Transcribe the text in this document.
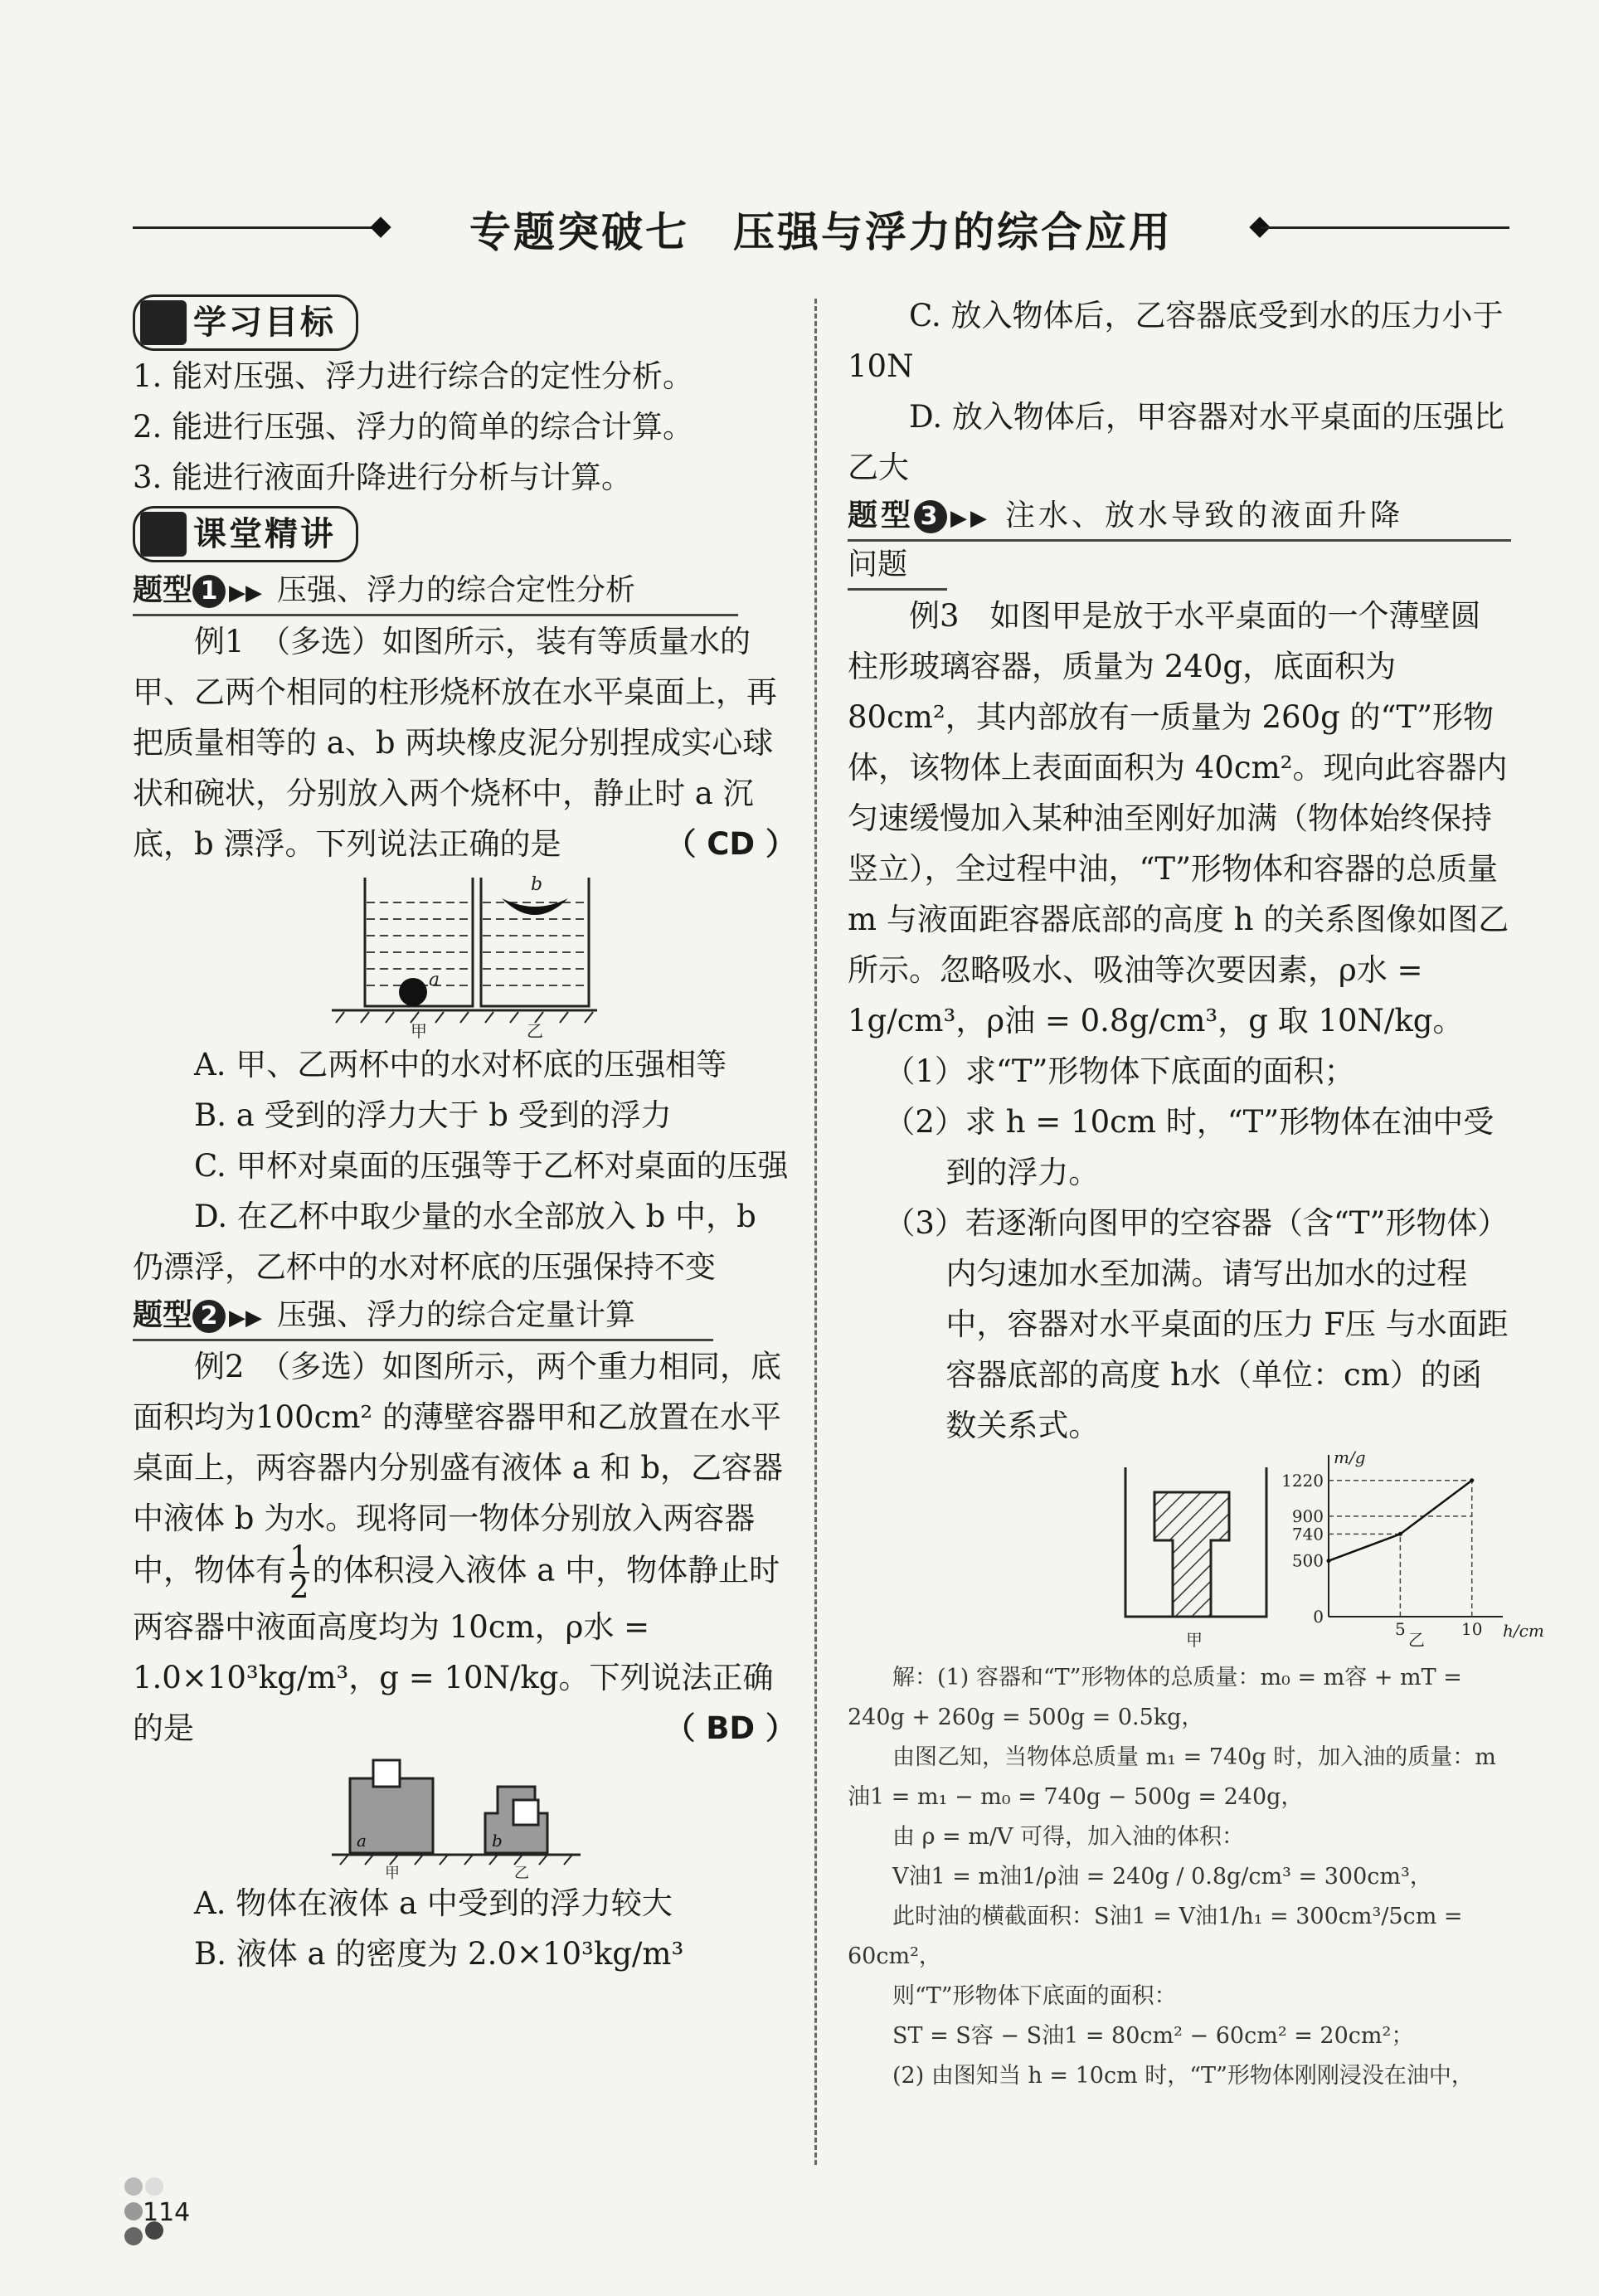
专题突破七　压强与浮力的综合应用
学习目标

1. 能对压强、浮力进行综合的定性分析。

2. 能进行压强、浮力的简单的综合计算。

3. 能进行液面升降进行分析与计算。

课堂精讲
题型 1 ▶▶ 压强、浮力的综合定性分析

例1　（多选）如图所示，装有等质量水的甲、乙两个相同的柱形烧杯放在水平桌面上，再把质量相等的 a、b 两块橡皮泥分别捏成实心球状和碗状，分别放入两个烧杯中，静止时 a 沉底，b 漂浮。下列说法正确的是	（ CD ）

a
b
甲	乙

A. 甲、乙两杯中的水对杯底的压强相等

B. a 受到的浮力大于 b 受到的浮力

C. 甲杯对桌面的压强等于乙杯对桌面的压强

D. 在乙杯中取少量的水全部放入 b 中，b 仍漂浮，乙杯中的水对杯底的压强保持不变

题型 2 ▶▶ 压强、浮力的综合定量计算

例2　（多选）如图所示，两个重力相同，底面积均为100cm² 的薄壁容器甲和乙放置在水平桌面上，两容器内分别盛有液体 a 和 b，乙容器中液体 b 为水。现将同一物体分别放入两容器中，物体有 $\frac{1}{2}$ 的体积浸入液体 a 中，物体静止时两容器中液面高度均为 10cm，ρ水 = 1.0×10³kg/m³，g = 10N/kg。下列说法正确的是	（ BD ）

a	b
甲	乙

A. 物体在液体 a 中受到的浮力较大

B. 液体 a 的密度为 2.0×10³kg/m³

C. 放入物体后，乙容器底受到水的压力小于 10N

D. 放入物体后，甲容器对水平桌面的压强比乙大

题型 3 ▶▶ 注水、放水导致的液面升降
问题

例3　如图甲是放于水平桌面的一个薄壁圆柱形玻璃容器，质量为 240g，底面积为 80cm²，其内部放有一质量为 260g 的“T”形物体，该物体上表面面积为 40cm²。现向此容器内匀速缓慢加入某种油至刚好加满（物体始终保持竖立），全过程中油，“T”形物体和容器的总质量 m 与液面距容器底部的高度 h 的关系图像如图乙所示。忽略吸水、吸油等次要因素，ρ水 = 1g/cm³，ρ油 = 0.8g/cm³，g 取 10N/kg。

（1）求“T”形物体下底面的面积；

（2）求 h = 10cm 时，“T”形物体在油中受到的浮力。

（3）若逐渐向图甲的空容器（含“T”形物体）内匀速加水至加满。请写出加水的过程中，容器对水平桌面的压力 F压 与水面距容器底部的高度 h水（单位：cm）的函数关系式。

甲
0
500
740
900
1220
5	10 h/cm
m/g
乙

解：(1) 容器和“T”形物体的总质量：m₀ = m容 + mT = 240g + 260g = 500g = 0.5kg，

由图乙知，当物体总质量 m₁ = 740g 时，加入油的质量：m油1 = m₁ − m₀ = 740g − 500g = 240g，

由 ρ = m/V 可得，加入油的体积：

V油1 = m油1/ρ油 = 240g / 0.8g/cm³ = 300cm³，

此时油的横截面积：S油1 = V油1/h₁ = 300cm³/5cm = 60cm²，

则“T”形物体下底面的面积：

ST = S容 − S油1 = 80cm² − 60cm² = 20cm²；

(2) 由图知当 h = 10cm 时，“T”形物体刚刚浸没在油中，

114
